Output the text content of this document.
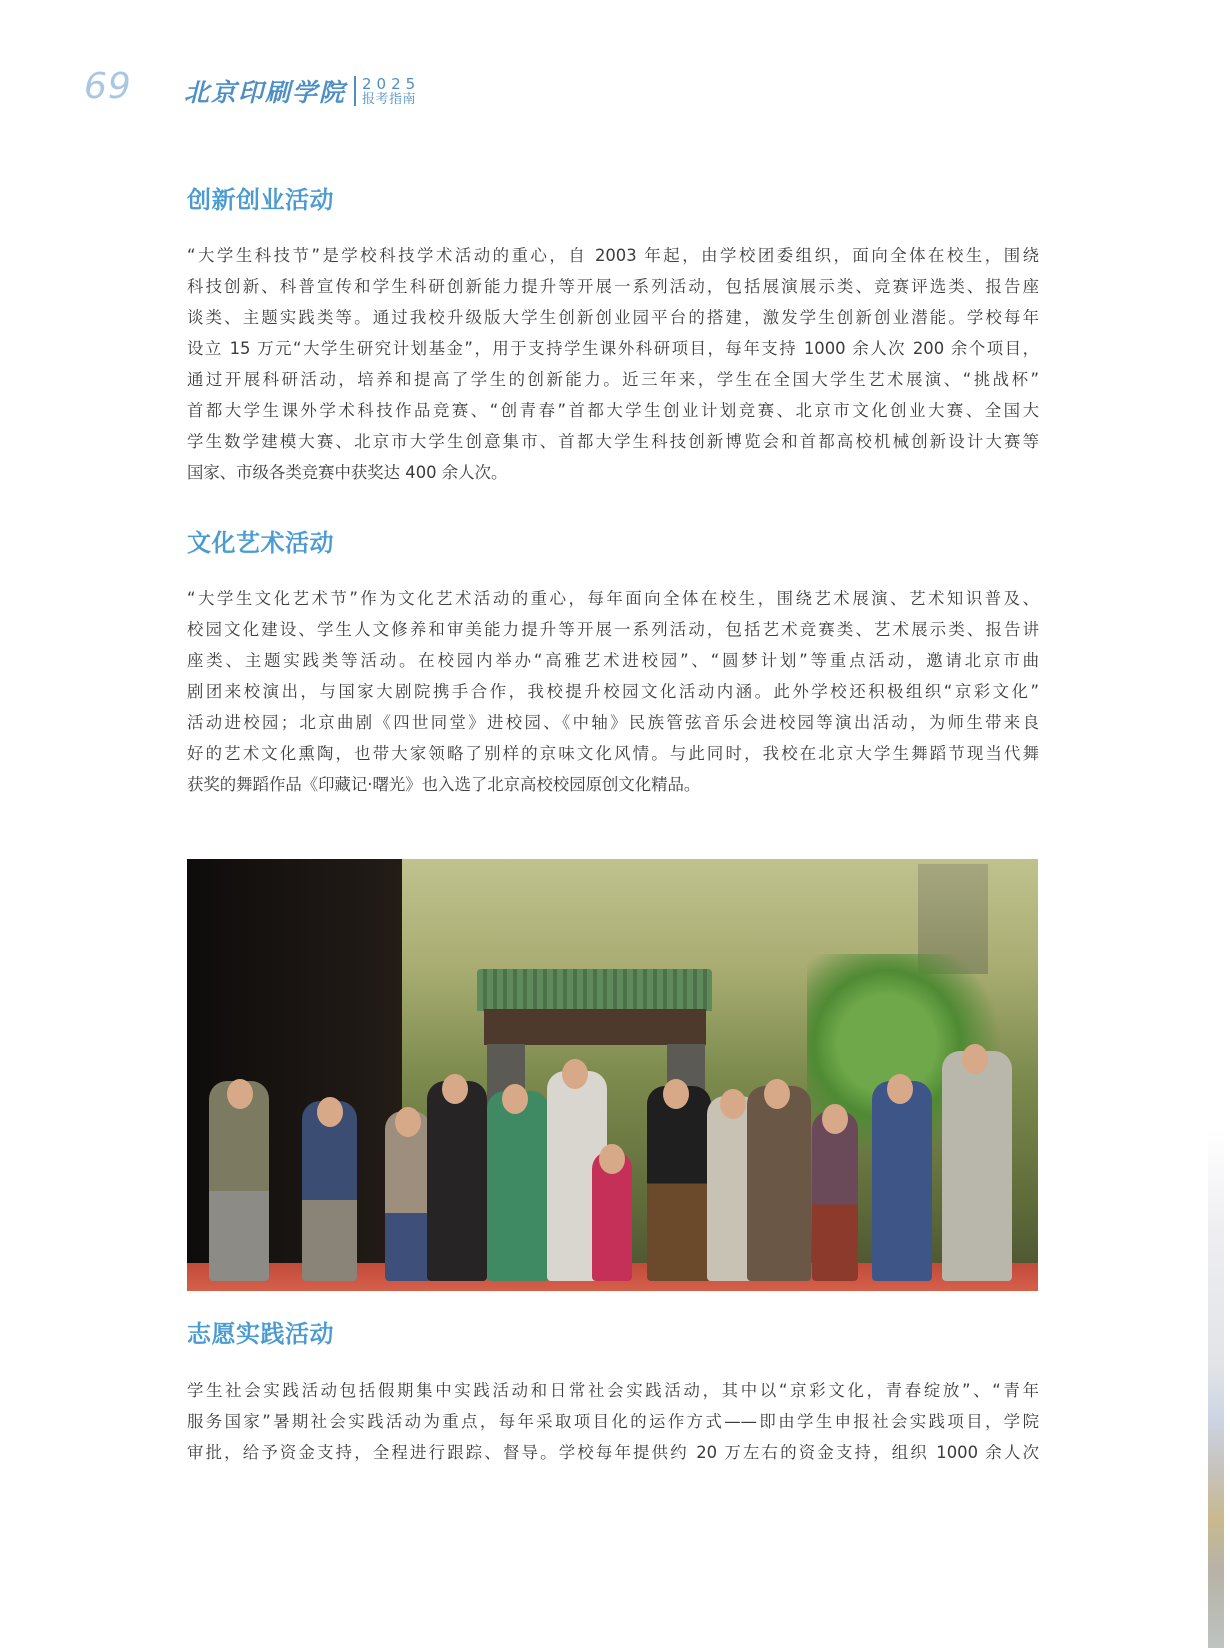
69 北京印刷学院 2025
报考指南
创新创业活动
“大学生科技节”是学校科技学术活动的重心，自 2003 年起，由学校团委组织，面向全体在校生，围绕
科技创新、科普宣传和学生科研创新能力提升等开展一系列活动，包括展演展示类、竞赛评选类、报告座
谈类、主题实践类等。通过我校升级版大学生创新创业园平台的搭建，激发学生创新创业潜能。学校每年
设立 15 万元“大学生研究计划基金”，用于支持学生课外科研项目，每年支持 1000 余人次 200 余个项目，
通过开展科研活动，培养和提高了学生的创新能力。近三年来，学生在全国大学生艺术展演、“挑战杯”
首都大学生课外学术科技作品竞赛、“创青春”首都大学生创业计划竞赛、北京市文化创业大赛、全国大
学生数学建模大赛、北京市大学生创意集市、首都大学生科技创新博览会和首都高校机械创新设计大赛等
国家、市级各类竞赛中获奖达 400 余人次。
文化艺术活动
“大学生文化艺术节”作为文化艺术活动的重心，每年面向全体在校生，围绕艺术展演、艺术知识普及、
校园文化建设、学生人文修养和审美能力提升等开展一系列活动，包括艺术竞赛类、艺术展示类、报告讲
座类、主题实践类等活动。在校园内举办“高雅艺术进校园”、“圆梦计划”等重点活动，邀请北京市曲
剧团来校演出，与国家大剧院携手合作，我校提升校园文化活动内涵。此外学校还积极组织“京彩文化”
活动进校园；北京曲剧《四世同堂》进校园、《中轴》民族管弦音乐会进校园等演出活动，为师生带来良
好的艺术文化熏陶，也带大家领略了别样的京味文化风情。与此同时，我校在北京大学生舞蹈节现当代舞
获奖的舞蹈作品《印藏记·曙光》也入选了北京高校校园原创文化精品。
志愿实践活动
学生社会实践活动包括假期集中实践活动和日常社会实践活动，其中以“京彩文化，青春绽放”、“青年
服务国家”暑期社会实践活动为重点，每年采取项目化的运作方式——即由学生申报社会实践项目，学院
审批，给予资金支持，全程进行跟踪、督导。学校每年提供约 20 万左右的资金支持，组织 1000 余人次
